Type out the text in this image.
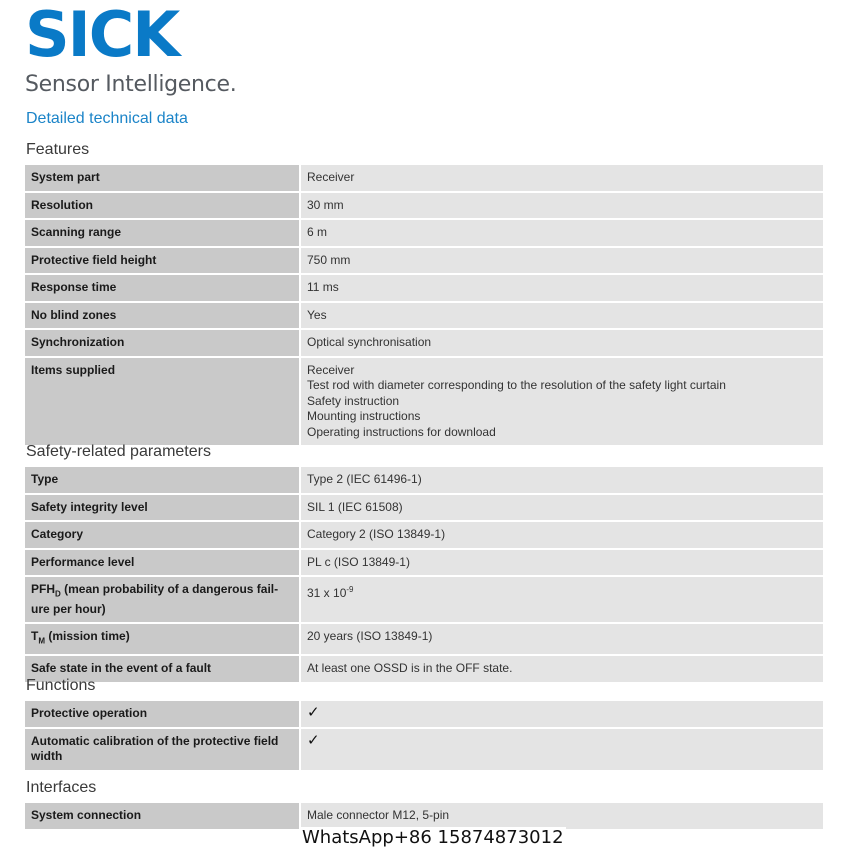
SICK
Sensor Intelligence.
Detailed technical data
Features
System part	Receiver
Resolution	30 mm
Scanning range	6 m
Protective field height	750 mm
Response time	11 ms
No blind zones	Yes
Synchronization	Optical synchronisation
Items supplied	Receiver
Test rod with diameter corresponding to the resolution of the safety light curtain
Safety instruction
Mounting instructions
Operating instructions for download
Safety-related parameters
Type	Type 2 (IEC 61496-1)
Safety integrity level	SIL 1 (IEC 61508)
Category	Category 2 (ISO 13849-1)
Performance level	PL c (ISO 13849-1)
$PFH_D$ (mean probability of a dangerous fail-ure per hour)	31 x $10^{-9}$
$T_M$ (mission time)	20 years (ISO 13849-1)
Safe state in the event of a fault	At least one OSSD is in the OFF state.
Functions
Protective operation	✓
Automatic calibration of the protective field width	✓
Interfaces
System connection	Male connector M12, 5-pin
WhatsApp+86 15874873012
